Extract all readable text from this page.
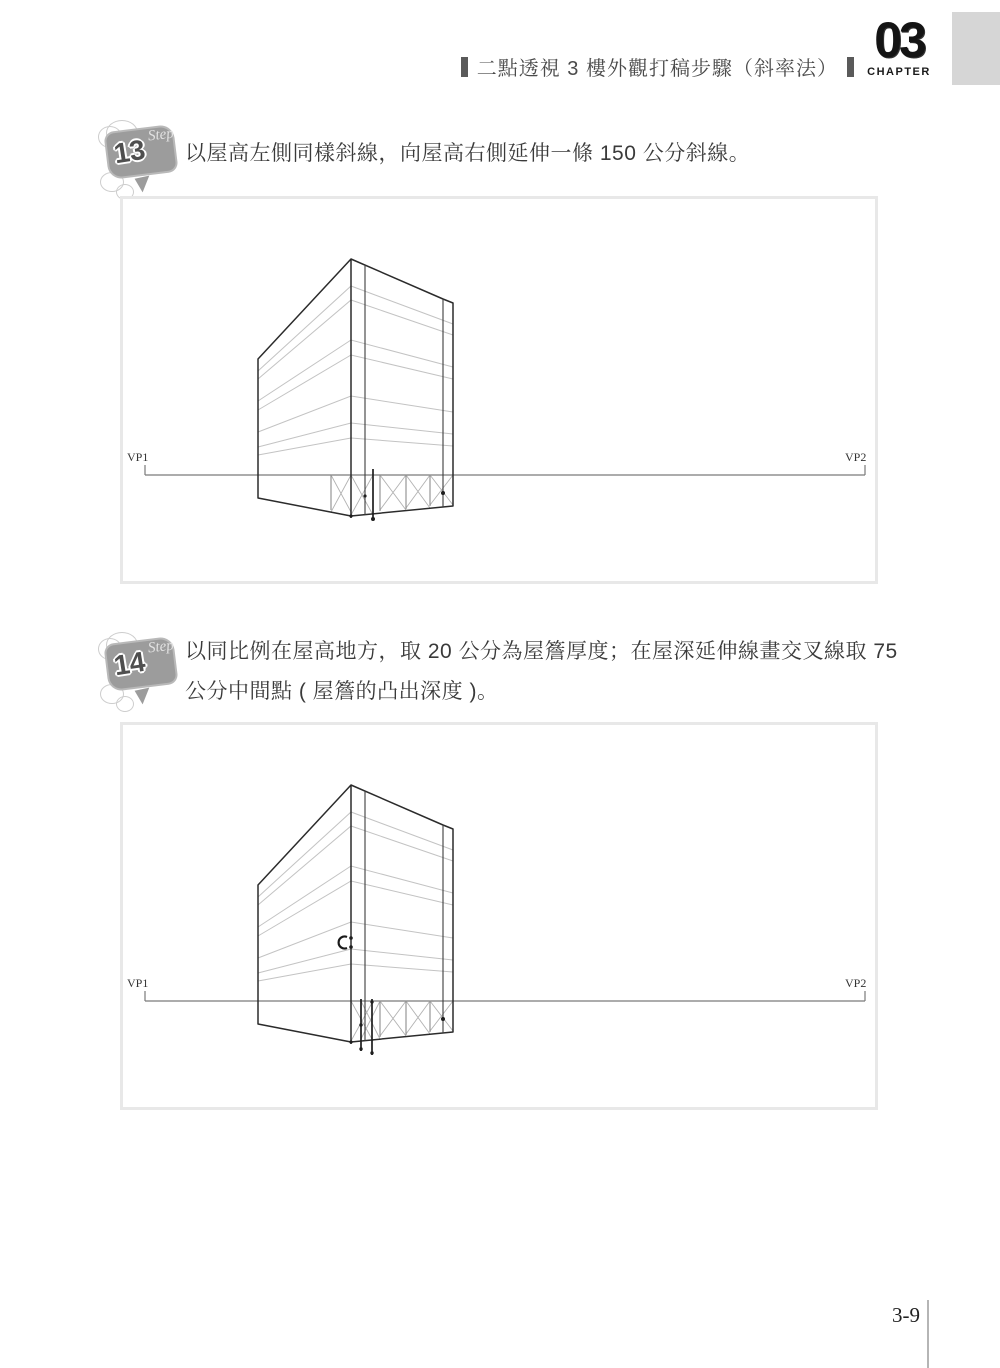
二點透視 3 樓外觀打稿步驟（斜率法）
03
CHAPTER
Step
13 以屋高左側同樣斜線，向屋高右側延伸一條 150 公分斜線。

VP1	VP2
Step
14 以同比例在屋高地方，取 20 公分為屋簷厚度；在屋深延伸線畫交叉線取 75 公分中間點 ( 屋簷的凸出深度 )。

VP1	VP2
3-9
